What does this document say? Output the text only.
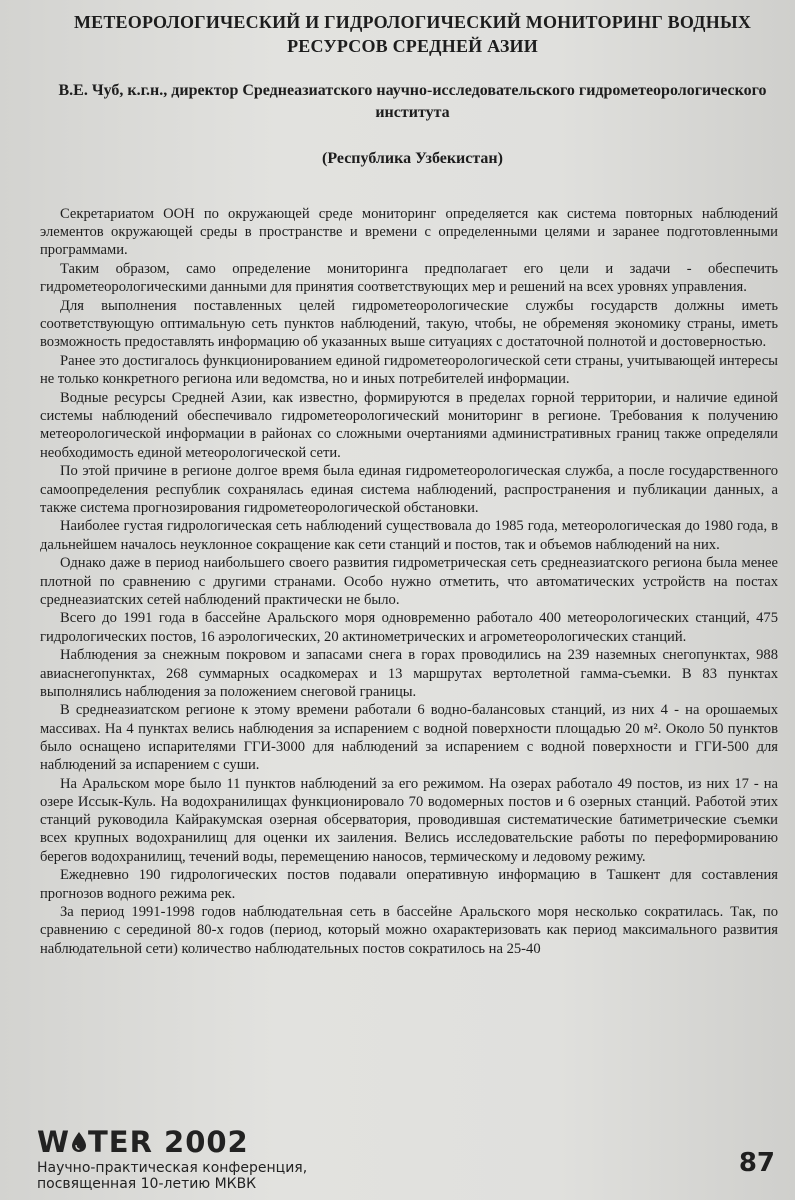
МЕТЕОРОЛОГИЧЕСКИЙ И ГИДРОЛОГИЧЕСКИЙ МОНИТОРИНГ ВОДНЫХ РЕСУРСОВ СРЕДНЕЙ АЗИИ

В.Е. Чуб, к.г.н., директор Среднеазиатского научно-исследовательского гидрометеорологического института

(Республика Узбекистан)

Секретариатом ООН по окружающей среде мониторинг определяется как система повторных наблюдений элементов окружающей среды в пространстве и времени с определенными целями и заранее подготовленными программами.

Таким образом, само определение мониторинга предполагает его цели и задачи - обеспечить гидрометеорологическими данными для принятия соответствующих мер и решений на всех уровнях управления.

Для выполнения поставленных целей гидрометеорологические службы государств должны иметь соответствующую оптимальную сеть пунктов наблюдений, такую, чтобы, не обременяя экономику страны, иметь возможность предоставлять информацию об указанных выше ситуациях с достаточной полнотой и достоверностью.

Ранее это достигалось функционированием единой гидрометеорологической сети страны, учитывающей интересы не только конкретного региона или ведомства, но и иных потребителей информации.

Водные ресурсы Средней Азии, как известно, формируются в пределах горной территории, и наличие единой системы наблюдений обеспечивало гидрометеорологический мониторинг в регионе. Требования к получению метеорологической информации в районах со сложными очертаниями административных границ также определяли необходимость единой метеорологической сети.

По этой причине в регионе долгое время была единая гидрометеорологическая служба, а после государственного самоопределения республик сохранялась единая система наблюдений, распространения и публикации данных, а также система прогнозирования гидрометеорологической обстановки.

Наиболее густая гидрологическая сеть наблюдений существовала до 1985 года, метеорологическая до 1980 года, в дальнейшем началось неуклонное сокращение как сети станций и постов, так и объемов наблюдений на них.

Однако даже в период наибольшего своего развития гидрометрическая сеть среднеазиатского региона была менее плотной по сравнению с другими странами. Особо нужно отметить, что автоматических устройств на постах среднеазиатских сетей наблюдений практически не было.

Всего до 1991 года в бассейне Аральского моря одновременно работало 400 метеорологических станций, 475 гидрологических постов, 16 аэрологических, 20 актинометрических и агрометеорологических станций.

Наблюдения за снежным покровом и запасами снега в горах проводились на 239 наземных снегопунктах, 988 авиаснегопунктах, 268 суммарных осадкомерах и 13 маршрутах вертолетной гамма-съемки. В 83 пунктах выполнялись наблюдения за положением снеговой границы.

В среднеазиатском регионе к этому времени работали 6 водно-балансовых станций, из них 4 - на орошаемых массивах. На 4 пунктах велись наблюдения за испарением с водной поверхности площадью 20 м². Около 50 пунктов было оснащено испарителями ГГИ-3000 для наблюдений за испарением с водной поверхности и ГГИ-500 для наблюдений за испарением с суши.

На Аральском море было 11 пунктов наблюдений за его режимом. На озерах работало 49 постов, из них 17 - на озере Иссык-Куль. На водохранилищах функционировало 70 водомерных постов и 6 озерных станций. Работой этих станций руководила Кайракумская озерная обсерватория, проводившая систематические батиметрические съемки всех крупных водохранилищ для оценки их заиления. Велись исследовательские работы по переформированию берегов водохранилищ, течений воды, перемещению наносов, термическому и ледовому режиму.

Ежедневно 190 гидрологических постов подавали оперативную информацию в Ташкент для составления прогнозов водного режима рек.

За период 1991-1998 годов наблюдательная сеть в бассейне Аральского моря несколько сократилась. Так, по сравнению с серединой 80-х годов (период, который можно охарактеризовать как период максимального развития наблюдательной сети) количество наблюдательных постов сократилось на 25-40

W TER 2002
Научно-практическая конференция,
посвященная 10-летию МКВК
87
